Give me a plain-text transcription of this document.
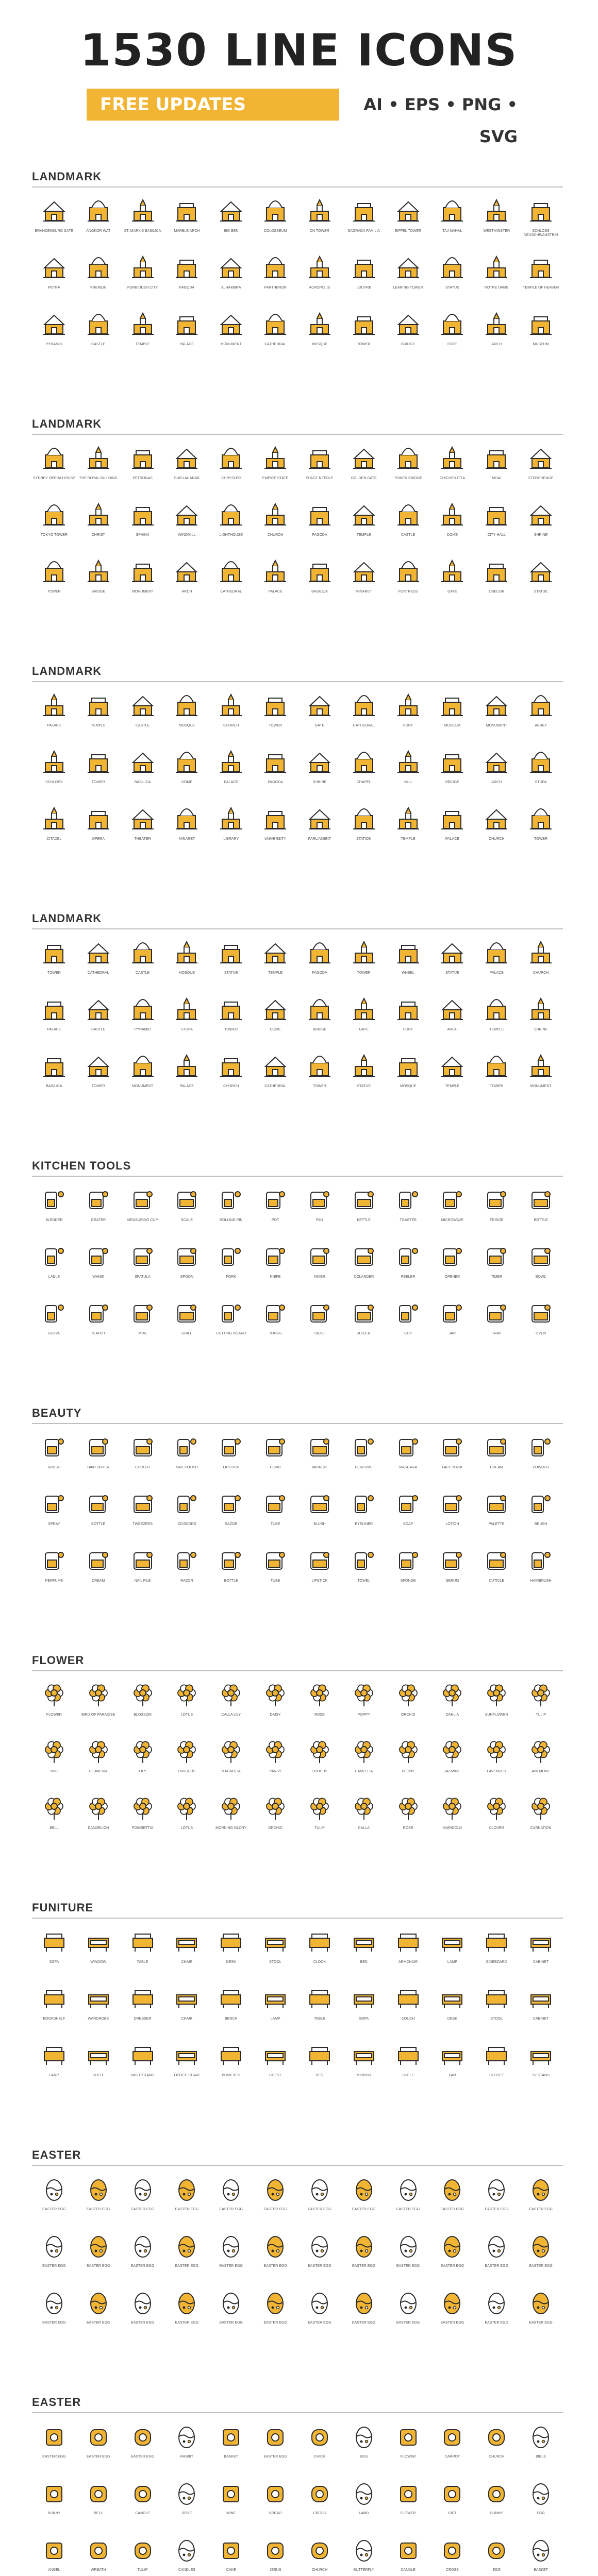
1530 LINE ICONS
FREE UPDATES	AI • EPS • PNG • SVG
LANDMARK
BRANDENBURG GATE	ANGKOR WAT	ST. MARK'S BASILICA	MARBLE ARCH	BIG BEN	COLOSSEUM	CN TOWER	SAGRADA FAMILIA	EIFFEL TOWER	TAJ MAHAL	WESTMINSTER	SCHLOSS NEUSCHWANSTEIN
PETRA	KREMLIN	FORBIDDEN CITY	PAGODA	ALHAMBRA	PARTHENON	ACROPOLIS	LOUVRE	LEANING TOWER	STATUE	NOTRE DAME	TEMPLE OF HEAVEN
PYRAMID	CASTLE	TEMPLE	PALACE	MONUMENT	CATHEDRAL	MOSQUE	TOWER	BRIDGE	FORT	ARCH	MUSEUM
LANDMARK
SYDNEY OPERA HOUSE	THE ROYAL BUILDING	PETRONAS	BURJ AL ARAB	CHRYSLER	EMPIRE STATE	SPACE NEEDLE	GOLDEN GATE	TOWER BRIDGE	CHICHEN ITZA	MOAI	STONEHENGE
TOKYO TOWER	CHRIST	SPHINX	WINDMILL	LIGHTHOUSE	CHURCH	PAGODA	TEMPLE	CASTLE	DOME	CITY HALL	SHRINE
TOWER	BRIDGE	MONUMENT	ARCH	CATHEDRAL	PALACE	BASILICA	MINARET	FORTRESS	GATE	OBELISK	STATUE
LANDMARK
PALACE	TEMPLE	CASTLE	MOSQUE	CHURCH	TOWER	GATE	CATHEDRAL	FORT	MUSEUM	MONUMENT	ABBEY
SCHLOSS	TOWER	BASILICA	DOME	PALACE	PAGODA	SHRINE	CHAPEL	HALL	BRIDGE	ARCH	STUPA
CITADEL	OPERA	THEATER	MINARET	LIBRARY	UNIVERSITY	PARLIAMENT	STATION	TEMPLE	PALACE	CHURCH	TOWER
LANDMARK
TOWER	CATHEDRAL	CASTLE	MOSQUE	STATUE	TEMPLE	PAGODA	TOWER	WHEEL	STATUE	PALACE	CHURCH
PALACE	CASTLE	PYRAMID	STUPA	TOWER	DOME	BRIDGE	GATE	FORT	ARCH	TEMPLE	SHRINE
BASILICA	TOWER	MONUMENT	PALACE	CHURCH	CATHEDRAL	TOWER	STATUE	MOSQUE	TEMPLE	TOWER	MONUMENT
KITCHEN TOOLS
BLENDER	GRATER	MEASURING CUP	SCALE	ROLLING PIN	POT	PAN	KETTLE	TOASTER	MICROWAVE	FRIDGE	BOTTLE
LADLE	WHISK	SPATULA	SPOON	FORK	KNIFE	MIXER	COLANDER	PEELER	OPENER	TIMER	BOWL
GLOVE	TEAPOT	MUG	GRILL	CUTTING BOARD	TONGS	SIEVE	JUICER	CUP	JAR	TRAY	OVEN
BEAUTY
BRUSH	HAIR DRYER	CURLER	NAIL POLISH	LIPSTICK	COMB	MIRROR	PERFUME	MASCARA	FACE MASK	CREAM	POWDER
SPRAY	BOTTLE	TWEEZERS	SCISSORS	RAZOR	TUBE	BLUSH	EYELINER	SOAP	LOTION	PALETTE	BRUSH
PERFUME	CREAM	NAIL FILE	RAZOR	BOTTLE	TUBE	LIPSTICK	TOWEL	SPONGE	SERUM	CUTICLE	HAIRBRUSH
FLOWER
FLOWER	BIRD OF PARADISE	BLOSSOM	LOTUS	CALLA LILY	DAISY	ROSE	POPPY	ORCHID	DAHLIA	SUNFLOWER	TULIP
IRIS	PLUMERIA	LILY	HIBISCUS	MAGNOLIA	PANSY	CROCUS	CAMELLIA	PEONY	JASMINE	LAVENDER	ANEMONE
BELL	DANDELION	POINSETTIA	LOTUS	MORNING GLORY	ORCHID	TULIP	CALLA	ROSE	MARIGOLD	CLOVER	CARNATION
FUNITURE
SOFA	WINDOW	TABLE	CHAIR	DESK	STOOL	CLOCK	BED	ARMCHAIR	LAMP	SIDEBOARD	CABINET
BOOKSHELF	WARDROBE	DRESSER	CHAIR	BENCH	LAMP	TABLE	SOFA	COUCH	DESK	STOOL	CABINET
LAMP	SHELF	NIGHTSTAND	OFFICE CHAIR	BUNK BED	CHEST	BED	MIRROR	SHELF	FAN	CLOSET	TV STAND
EASTER
EASTER EGG	EASTER EGG	EASTER EGG	EASTER EGG	EASTER EGG	EASTER EGG	EASTER EGG	EASTER EGG	EASTER EGG	EASTER EGG	EASTER EGG	EASTER EGG
EASTER EGG	EASTER EGG	EASTER EGG	EASTER EGG	EASTER EGG	EASTER EGG	EASTER EGG	EASTER EGG	EASTER EGG	EASTER EGG	EASTER EGG	EASTER EGG
EASTER EGG	EASTER EGG	EASTER EGG	EASTER EGG	EASTER EGG	EASTER EGG	EASTER EGG	EASTER EGG	EASTER EGG	EASTER EGG	EASTER EGG	EASTER EGG
EASTER
EASTER EGG	EASTER EGG	EASTER EGG	RABBIT	BASKET	EASTER EGG	CHICK	EGG	FLOWER	CARROT	CHURCH	BIBLE
BUNNY	BELL	CANDLE	DOVE	WINE	BREAD	CROSS	LAMB	FLOWER	GIFT	BUNNY	EGG
ANGEL	WREATH	TULIP	CANDLES	CAKE	JESUS	CHURCH	BUTTERFLY	CANDLE	CROSS	EGG	BASKET
